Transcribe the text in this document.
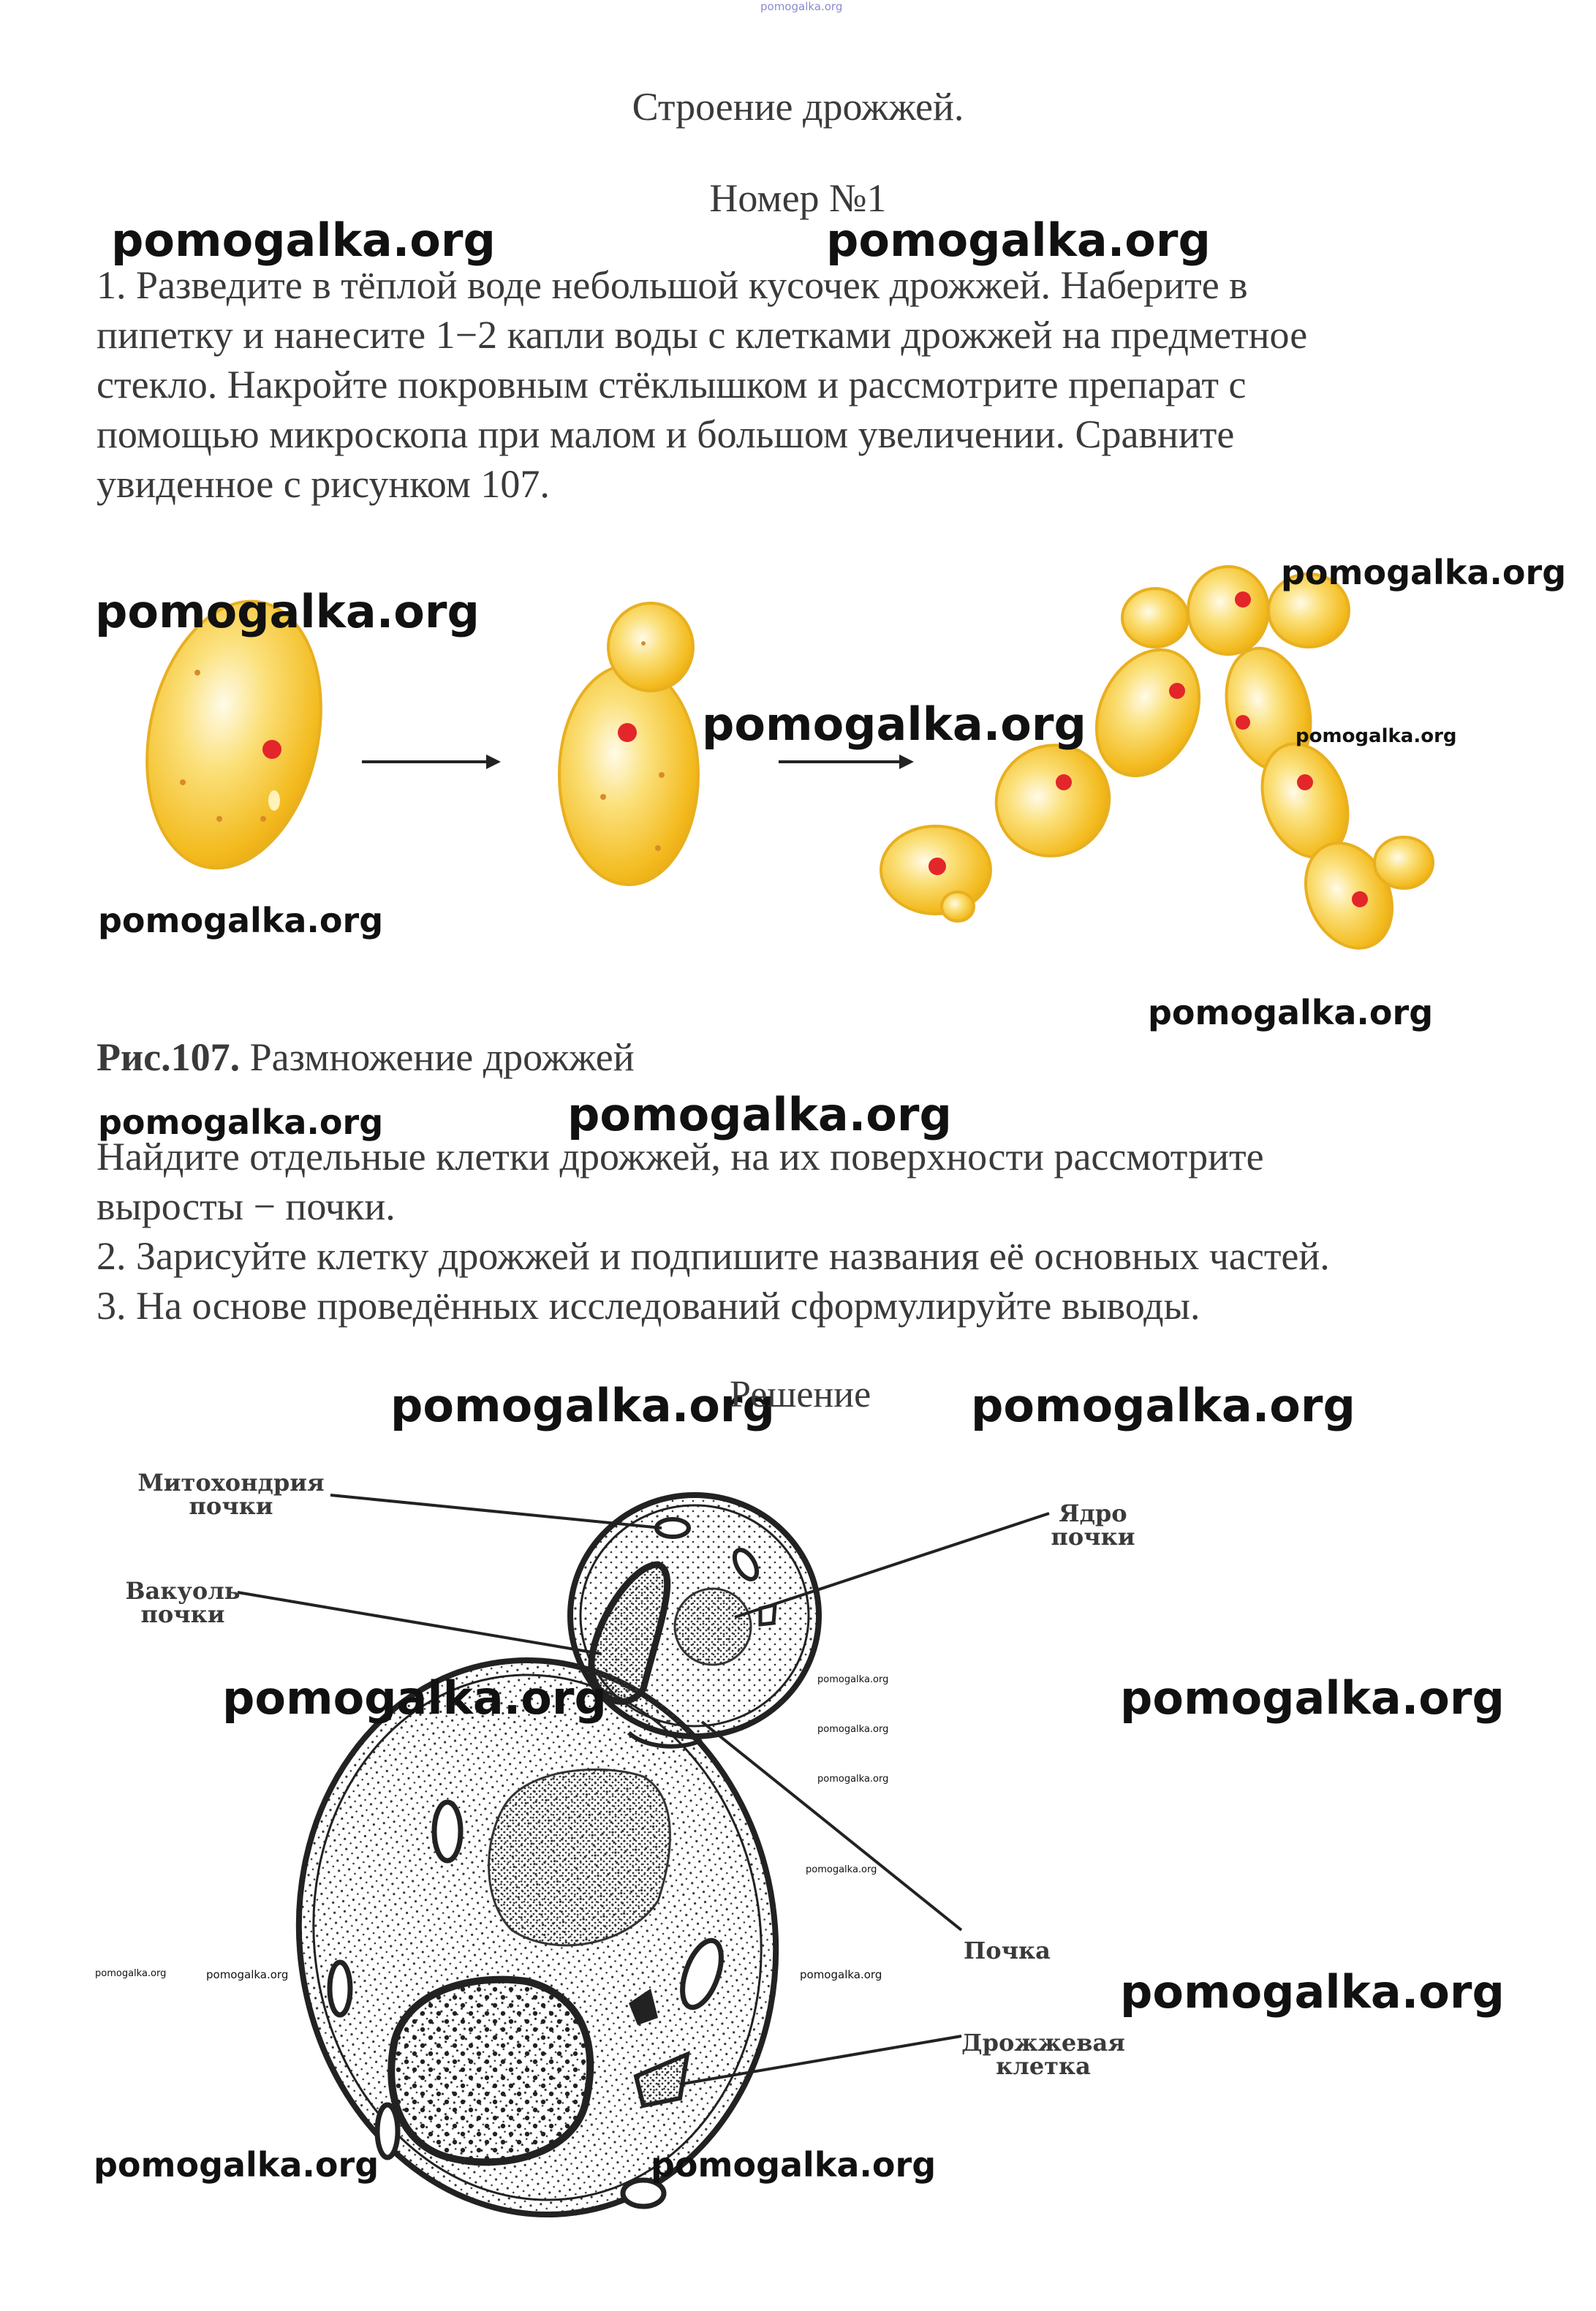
pomogalka.org
Строение дрожжей.
Номер №1
pomogalka.org	pomogalka.org
1. Разведите в тёплой воде небольшой кусочек дрожжей. Наберите в
пипетку и нанесите 1−2 капли воды с клетками дрожжей на предметное
стекло. Накройте покровным стёклышком и рассмотрите препарат с
помощью микроскопа при малом и большом увеличении. Сравните
увиденное с рисунком 107.
pomogalka.org
pomogalka.org
pomogalka.org	pomogalka.org
pomogalka.org
pomogalka.org
Рис.107. Размножение дрожжей
pomogalka.org	pomogalka.org
Найдите отдельные клетки дрожжей, на их поверхности рассмотрите
выросты − почки.
2. Зарисуйте клетку дрожжей и подпишите названия её основных частей.
3. На основе проведённых исследований сформулируйте выводы.
pomogalka.org
Решение pomogalka.org
Митохондрия
почки
Вакуоль
почки
Ядро
почки
Почка
Дрожжевая
клетка
pomogalka.org	pomogalka.org
pomogalka.org
pomogalka.org
pomogalka.org
pomogalka.org
pomogalka.org	pomogalka.org	pomogalka.org	pomogalka.org
pomogalka.org	pomogalka.org
